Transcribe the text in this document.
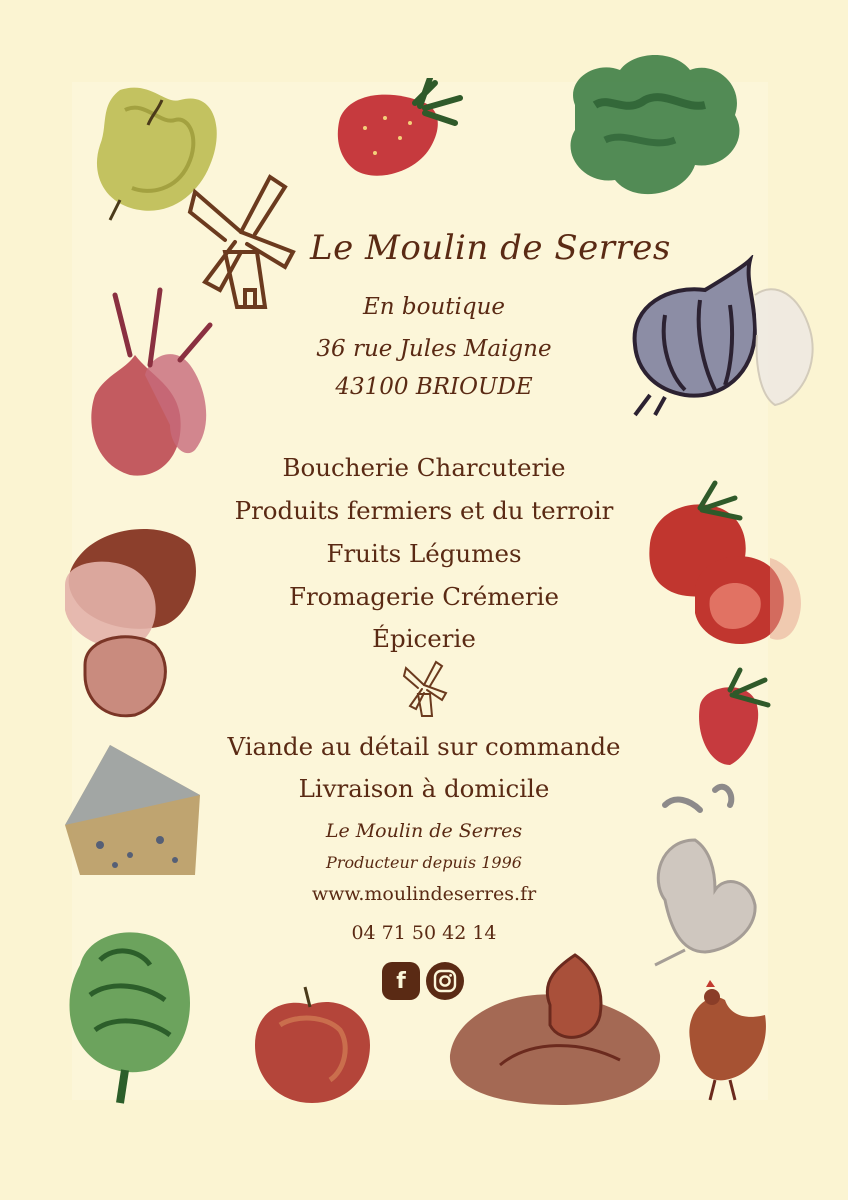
Le Moulin de Serres
En boutique
36 rue Jules Maigne
43100 BRIOUDE
Boucherie Charcuterie
Produits fermiers et du terroir
Fruits Légumes
Fromagerie Crémerie
Épicerie
Viande au détail sur commande
Livraison à domicile
Le Moulin de Serres
Producteur depuis 1996
www.moulindeserres.fr
04 71 50 42 14
f
